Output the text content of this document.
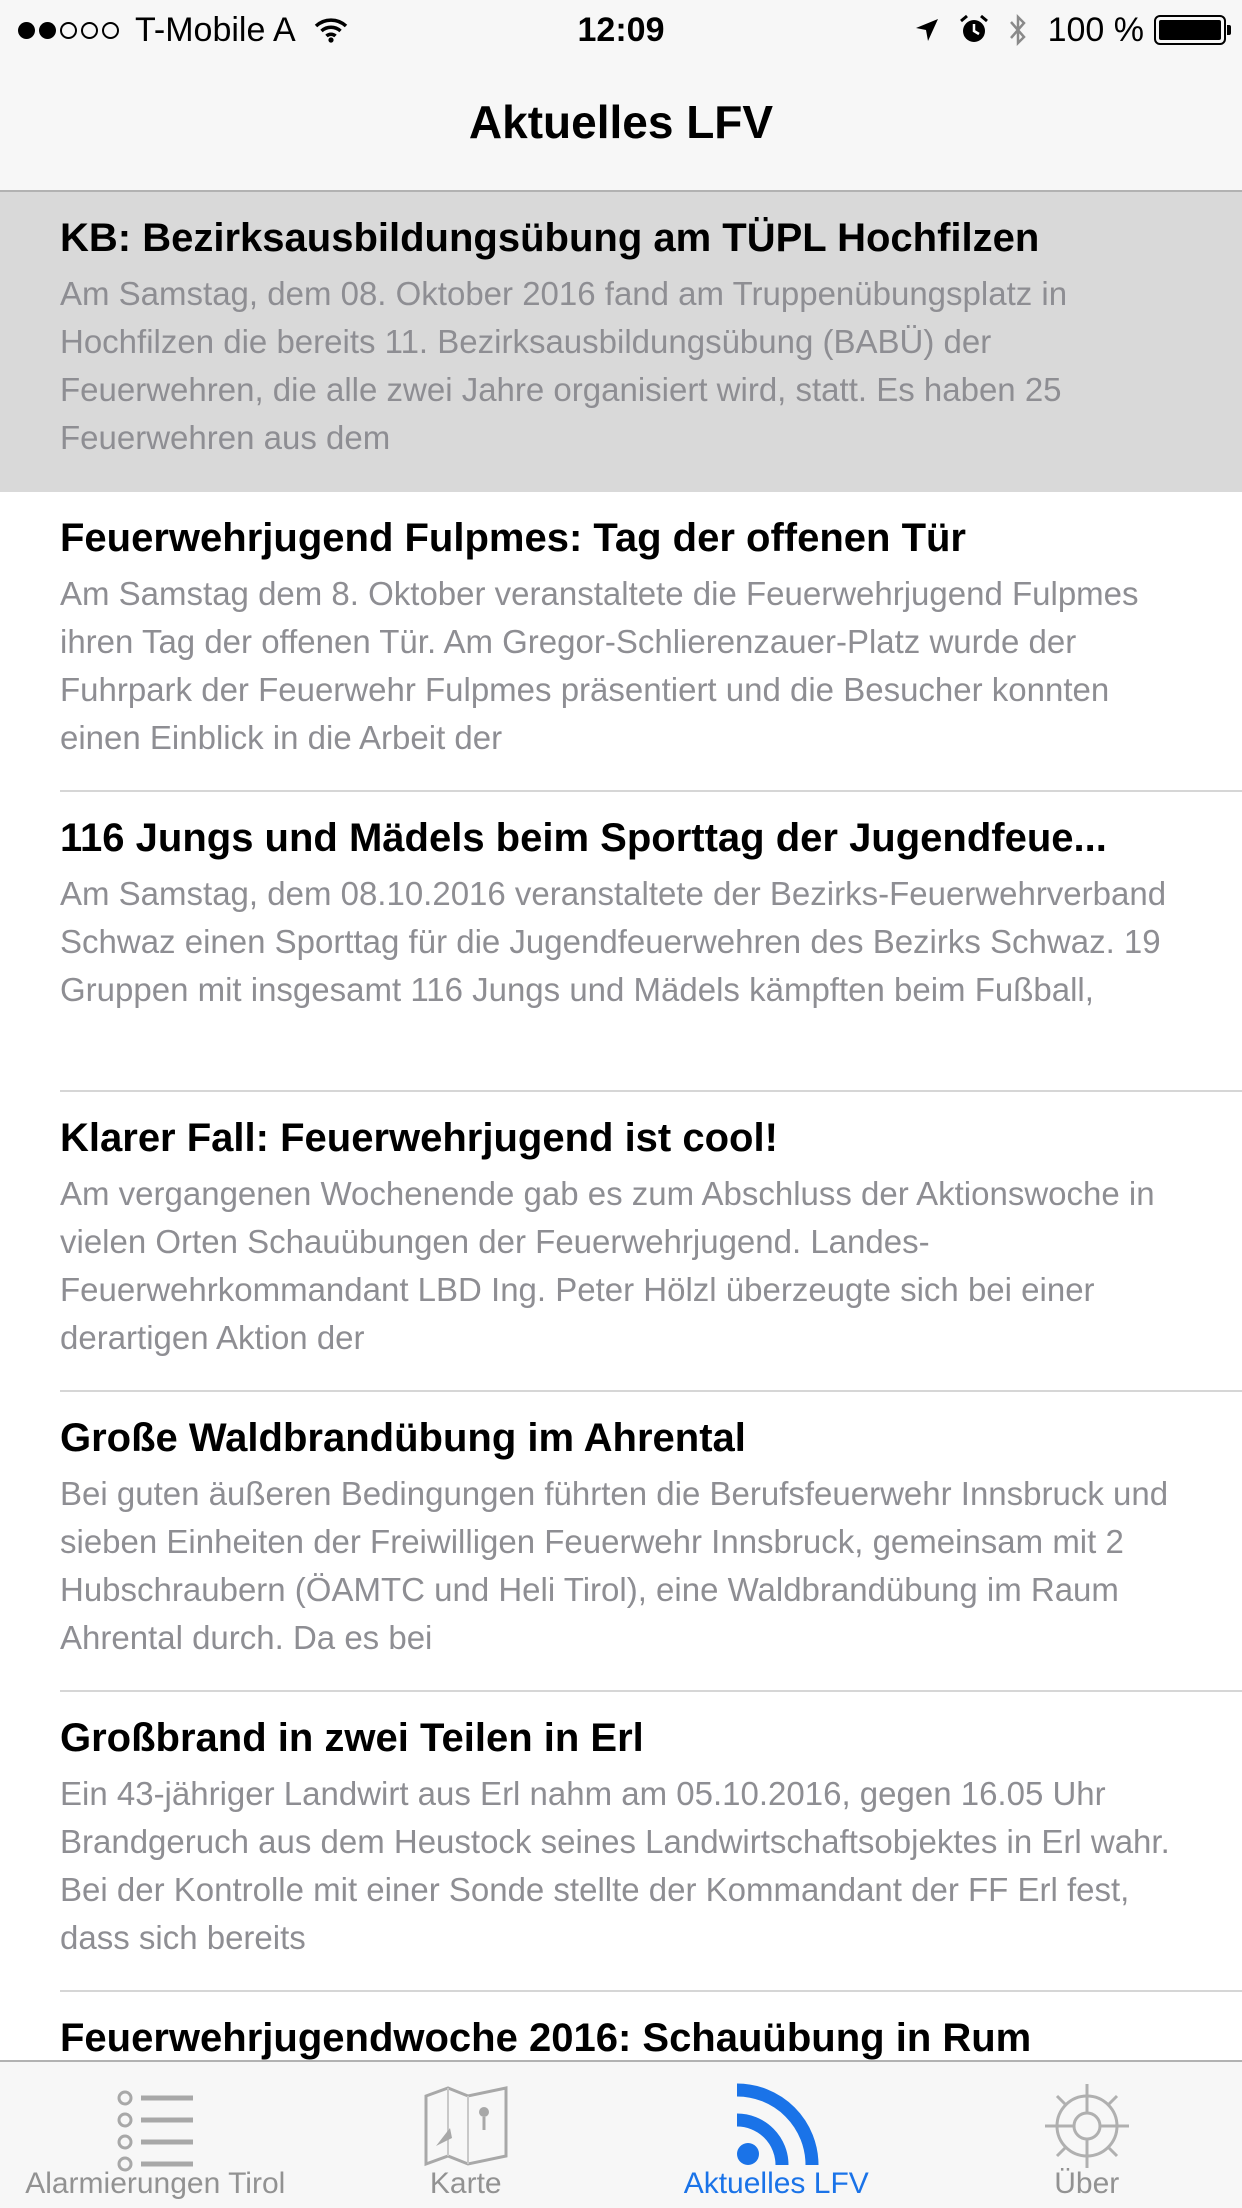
T-Mobile A	12:09	100 %
Aktuelles LFV
KB: Bezirksausbildungsübung am TÜPL Hochfilzen
Am Samstag, dem 08. Oktober 2016 fand am Truppenübungsplatz in Hochfilzen die bereits 11. Bezirksausbildungsübung (BABÜ) der Feuerwehren, die alle zwei Jahre organisiert wird, statt. Es haben 25 Feuerwehren aus dem
Feuerwehrjugend Fulpmes: Tag der offenen Tür
Am Samstag dem 8. Oktober veranstaltete die Feuerwehrjugend Fulpmes ihren Tag der offenen Tür. Am Gregor-Schlierenzauer-Platz wurde der Fuhrpark der Feuerwehr Fulpmes präsentiert und die Besucher konnten einen Einblick in die Arbeit der
116 Jungs und Mädels beim Sporttag der Jugendfeue...
Am Samstag, dem 08.10.2016 veranstaltete der Bezirks-Feuerwehrverband Schwaz einen Sporttag für die Jugendfeuerwehren des Bezirks Schwaz. 19 Gruppen mit insgesamt 116 Jungs und Mädels kämpften beim Fußball,
Klarer Fall: Feuerwehrjugend ist cool!
Am vergangenen Wochenende gab es zum Abschluss der Aktionswoche in vielen Orten Schauübungen der Feuerwehrjugend. Landes-Feuerwehrkommandant LBD Ing. Peter Hölzl überzeugte sich bei einer derartigen Aktion der
Große Waldbrandübung im Ahrental
Bei guten äußeren Bedingungen führten die Berufsfeuerwehr Innsbruck und sieben Einheiten der Freiwilligen Feuerwehr Innsbruck, gemeinsam mit 2 Hubschraubern (ÖAMTC und Heli Tirol), eine Waldbrandübung im Raum Ahrental durch. Da es bei
Großbrand in zwei Teilen in Erl
Ein 43-jähriger Landwirt aus Erl nahm am 05.10.2016, gegen 16.05 Uhr Brandgeruch aus dem Heustock seines Landwirtschaftsobjektes in Erl wahr. Bei der Kontrolle mit einer Sonde stellte der Kommandant der FF Erl fest, dass sich bereits
Feuerwehrjugendwoche 2016: Schauübung in Rum
Alarmierungen Tirol	Karte	Aktuelles LFV	Über
